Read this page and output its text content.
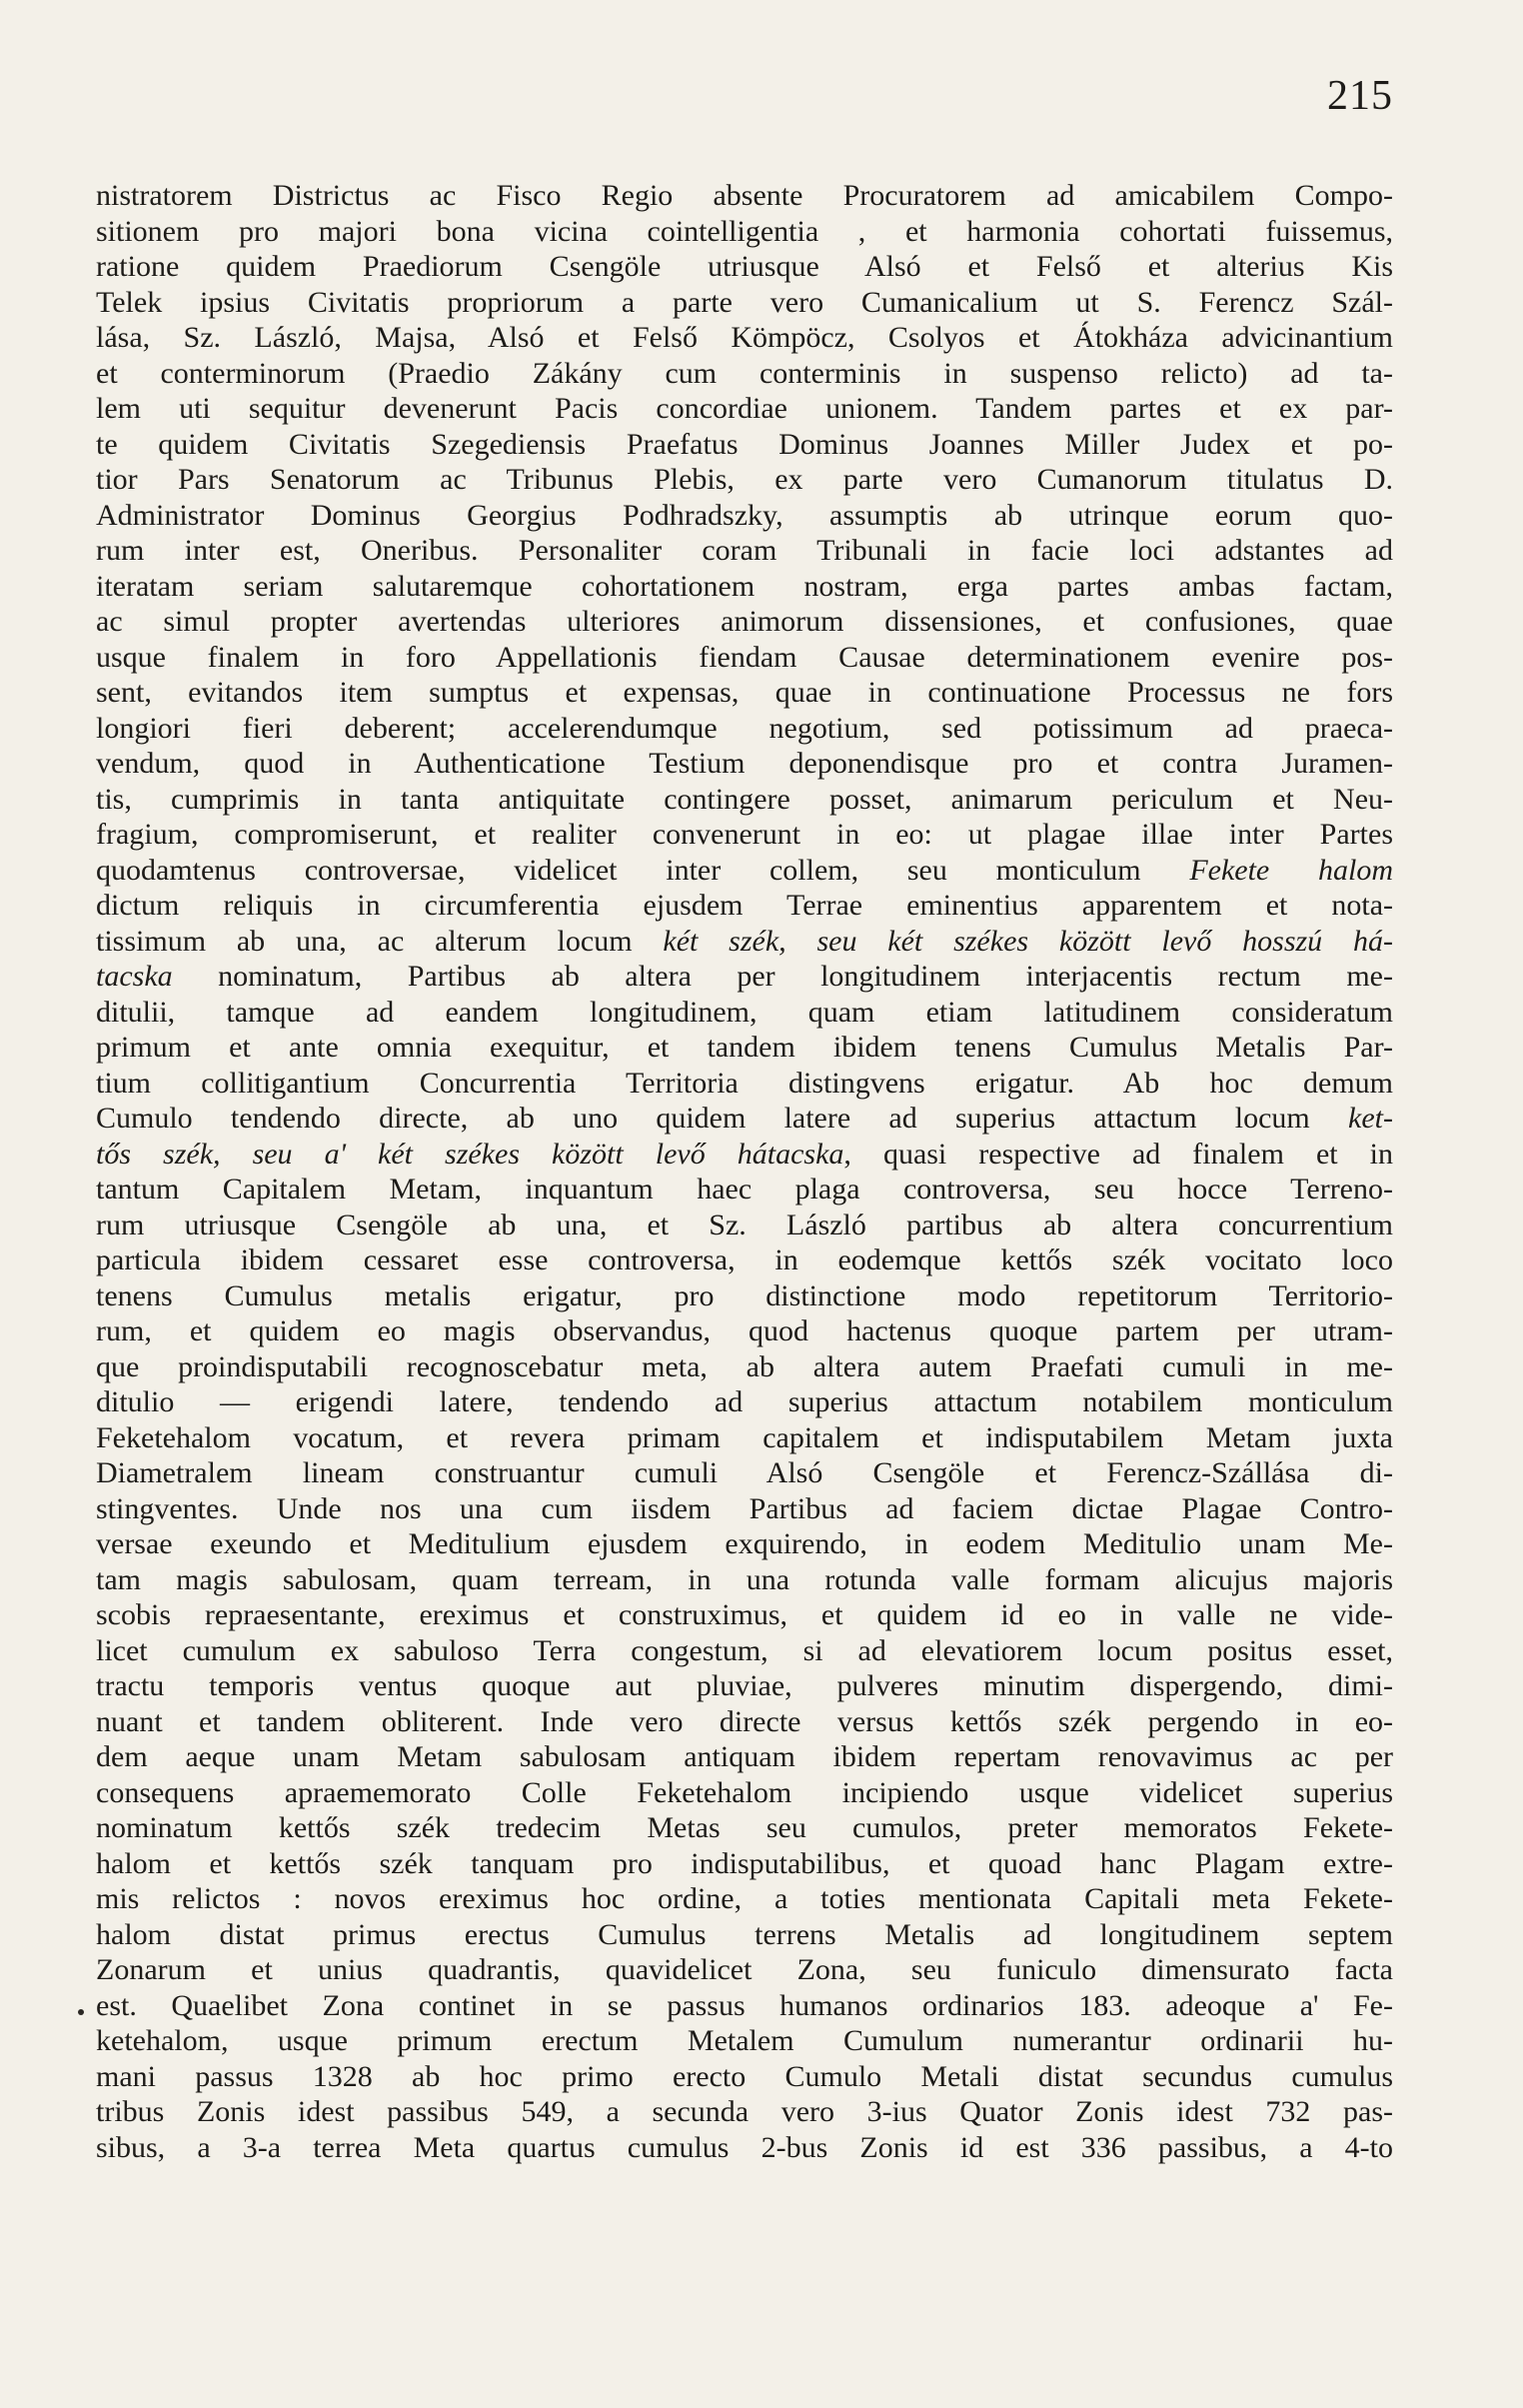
215
nistratorem Districtus ac Fisco Regio absente Procuratorem ad amicabilem Compo-
sitionem pro majori bona vicina cointelligentia , et harmonia cohortati fuissemus,
ratione quidem Praediorum Csengöle utriusque Alsó et Felső et alterius Kis
Telek ipsius Civitatis propriorum a parte vero Cumanicalium ut S. Ferencz Szál-
lása, Sz. László, Majsa, Alsó et Felső Kömpöcz, Csolyos et Átokháza advicinantium
et conterminorum (Praedio Zákány cum conterminis in suspenso relicto) ad ta-
lem uti sequitur devenerunt Pacis concordiae unionem. Tandem partes et ex par-
te quidem Civitatis Szegediensis Praefatus Dominus Joannes Miller Judex et po-
tior Pars Senatorum ac Tribunus Plebis, ex parte vero Cumanorum titulatus D.
Administrator Dominus Georgius Podhradszky, assumptis ab utrinque eorum quo-
rum inter est, Oneribus. Personaliter coram Tribunali in facie loci adstantes ad
iteratam seriam salutaremque cohortationem nostram, erga partes ambas factam,
ac simul propter avertendas ulteriores animorum dissensiones, et confusiones, quae
usque finalem in foro Appellationis fiendam Causae determinationem evenire pos-
sent, evitandos item sumptus et expensas, quae in continuatione Processus ne fors
longiori fieri deberent; accelerendumque negotium, sed potissimum ad praeca-
vendum, quod in Authenticatione Testium deponendisque pro et contra Juramen-
tis, cumprimis in tanta antiquitate contingere posset, animarum periculum et Neu-
fragium, compromiserunt, et realiter convenerunt in eo: ut plagae illae inter Partes
quodamtenus controversae, videlicet inter collem, seu monticulum Fekete halom
dictum reliquis in circumferentia ejusdem Terrae eminentius apparentem et nota-
tissimum ab una, ac alterum locum két szék, seu két székes között levő hosszú há-
tacska nominatum, Partibus ab altera per longitudinem interjacentis rectum me-
ditulii, tamque ad eandem longitudinem, quam etiam latitudinem consideratum
primum et ante omnia exequitur, et tandem ibidem tenens Cumulus Metalis Par-
tium collitigantium Concurrentia Territoria distingvens erigatur. Ab hoc demum
Cumulo tendendo directe, ab uno quidem latere ad superius attactum locum ket-
tős szék, seu a' két székes között levő hátacska, quasi respective ad finalem et in
tantum Capitalem Metam, inquantum haec plaga controversa, seu hocce Terreno-
rum utriusque Csengöle ab una, et Sz. László partibus ab altera concurrentium
particula ibidem cessaret esse controversa, in eodemque kettős szék vocitato loco
tenens Cumulus metalis erigatur, pro distinctione modo repetitorum Territorio-
rum, et quidem eo magis observandus, quod hactenus quoque partem per utram-
que proindisputabili recognoscebatur meta, ab altera autem Praefati cumuli in me-
ditulio — erigendi latere, tendendo ad superius attactum notabilem monticulum
Feketehalom vocatum, et revera primam capitalem et indisputabilem Metam juxta
Diametralem lineam construantur cumuli Alsó Csengöle et Ferencz-Szállása di-
stingventes. Unde nos una cum iisdem Partibus ad faciem dictae Plagae Contro-
versae exeundo et Meditulium ejusdem exquirendo, in eodem Meditulio unam Me-
tam magis sabulosam, quam terream, in una rotunda valle formam alicujus majoris
scobis repraesentante, ereximus et construximus, et quidem id eo in valle ne vide-
licet cumulum ex sabuloso Terra congestum, si ad elevatiorem locum positus esset,
tractu temporis ventus quoque aut pluviae, pulveres minutim dispergendo, dimi-
nuant et tandem obliterent. Inde vero directe versus kettős szék pergendo in eo-
dem aeque unam Metam sabulosam antiquam ibidem repertam renovavimus ac per
consequens apraememorato Colle Feketehalom incipiendo usque videlicet superius
nominatum kettős szék tredecim Metas seu cumulos, preter memoratos Fekete-
halom et kettős szék tanquam pro indisputabilibus, et quoad hanc Plagam extre-
mis relictos : novos ereximus hoc ordine, a toties mentionata Capitali meta Fekete-
halom distat primus erectus Cumulus terrens Metalis ad longitudinem septem
Zonarum et unius quadrantis, quavidelicet Zona, seu funiculo dimensurato facta
est. Quaelibet Zona continet in se passus humanos ordinarios 183. adeoque a' Fe-
ketehalom, usque primum erectum Metalem Cumulum numerantur ordinarii hu-
mani passus 1328 ab hoc primo erecto Cumulo Metali distat secundus cumulus
tribus Zonis idest passibus 549, a secunda vero 3-ius Quator Zonis idest 732 pas-
sibus, a 3-a terrea Meta quartus cumulus 2-bus Zonis id est 336 passibus, a 4-to
